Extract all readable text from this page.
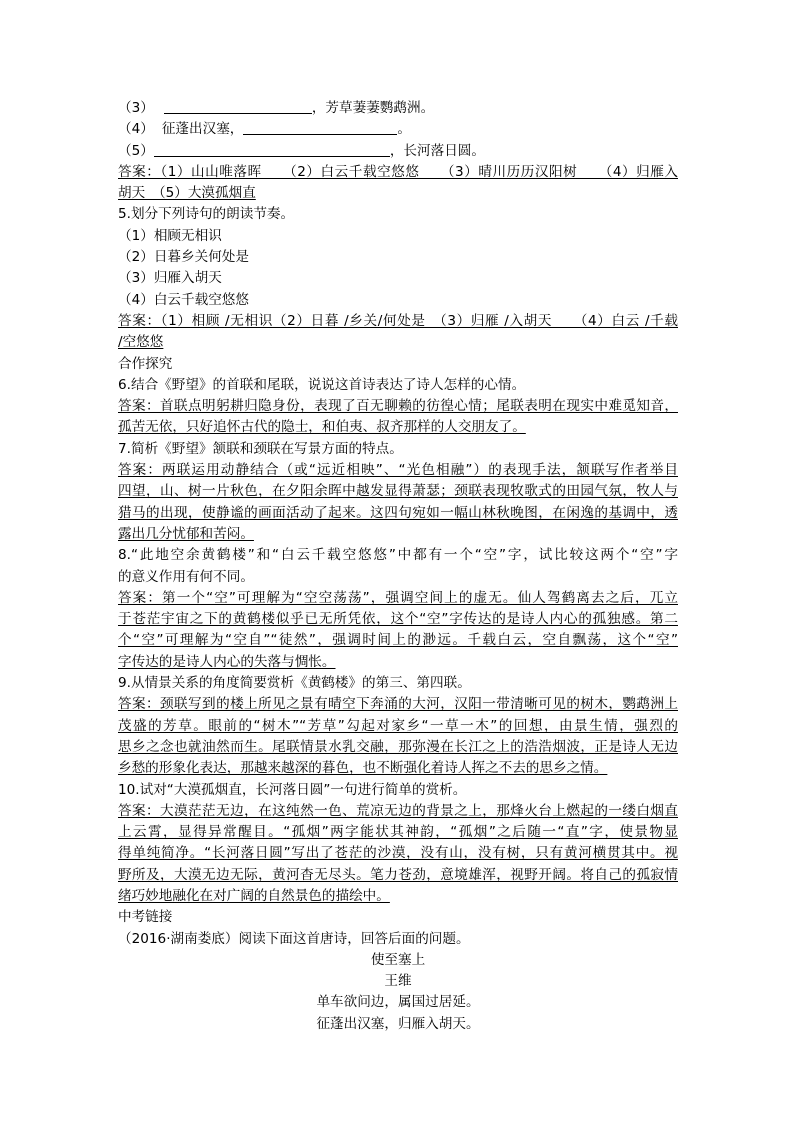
（3）	，芳草萋萋鹦鹉洲。
（4） 征蓬出汉塞，	。
（5）	，长河落日圆。
答案：（1）山山唯落晖　　（2）白云千载空悠悠　　（3）晴川历历汉阳树　　（4）归雁入
胡天　（5）大漠孤烟直
5.划分下列诗句的朗读节奏。
（1）相顾无相识
（2）日暮乡关何处是
（3）归雁入胡天
（4）白云千载空悠悠
答案：（1）相顾 /无相识（2）日暮 /乡关/何处是　（3）归雁 /入胡天　　（4）白云 /千载
/空悠悠
合作探究
6.结合《野望》的首联和尾联，说说这首诗表达了诗人怎样的心情。
答案：首联点明躬耕归隐身份，表现了百无聊赖的彷徨心情；尾联表明在现实中难觅知音，
孤苦无依，只好追怀古代的隐士，和伯夷、叔齐那样的人交朋友了。
7.简析《野望》颔联和颈联在写景方面的特点。
答案：两联运用动静结合（或“远近相映”、“光色相融”）的表现手法，颔联写作者举目
四望，山、树一片秋色，在夕阳余晖中越发显得萧瑟；颈联表现牧歌式的田园气氛，牧人与
猎马的出现，使静谧的画面活动了起来。这四句宛如一幅山林秋晚图，在闲逸的基调中，透
露出几分忧郁和苦闷。
8.“此地空余黄鹤楼”和“白云千载空悠悠”中都有一个“空”字，试比较这两个“空”字
的意义作用有何不同。
答案：第一个“空”可理解为“空空荡荡”，强调空间上的虚无。仙人驾鹤离去之后，兀立
于苍茫宇宙之下的黄鹤楼似乎已无所凭依，这个“空”字传达的是诗人内心的孤独感。第二
个“空”可理解为“空自”“徒然”，强调时间上的渺远。千载白云，空自飘荡，这个“空”
字传达的是诗人内心的失落与惆怅。
9.从情景关系的角度简要赏析《黄鹤楼》的第三、第四联。
答案：颈联写到的楼上所见之景有晴空下奔涌的大河，汉阳一带清晰可见的树木，鹦鹉洲上
茂盛的芳草。眼前的“树木”“芳草”勾起对家乡“一草一木”的回想，由景生情，强烈的
思乡之念也就油然而生。尾联情景水乳交融，那弥漫在长江之上的浩浩烟波，正是诗人无边
乡愁的形象化表达，那越来越深的暮色，也不断强化着诗人挥之不去的思乡之情。
10.试对“大漠孤烟直，长河落日圆”一句进行简单的赏析。
答案：大漠茫茫无边，在这纯然一色、荒凉无边的背景之上，那烽火台上燃起的一缕白烟直
上云霄，显得异常醒目。“孤烟”两字能状其神韵，“孤烟”之后随一“直”字，使景物显
得单纯简净。“长河落日圆”写出了苍茫的沙漠，没有山，没有树，只有黄河横贯其中。视
野所及，大漠无边无际，黄河杳无尽头。笔力苍劲，意境雄浑，视野开阔。将自己的孤寂情
绪巧妙地融化在对广阔的自然景色的描绘中。
中考链接
（2016·湖南娄底）阅读下面这首唐诗，回答后面的问题。
使至塞上
王维
单车欲问边，属国过居延。
征蓬出汉塞，归雁入胡天。
